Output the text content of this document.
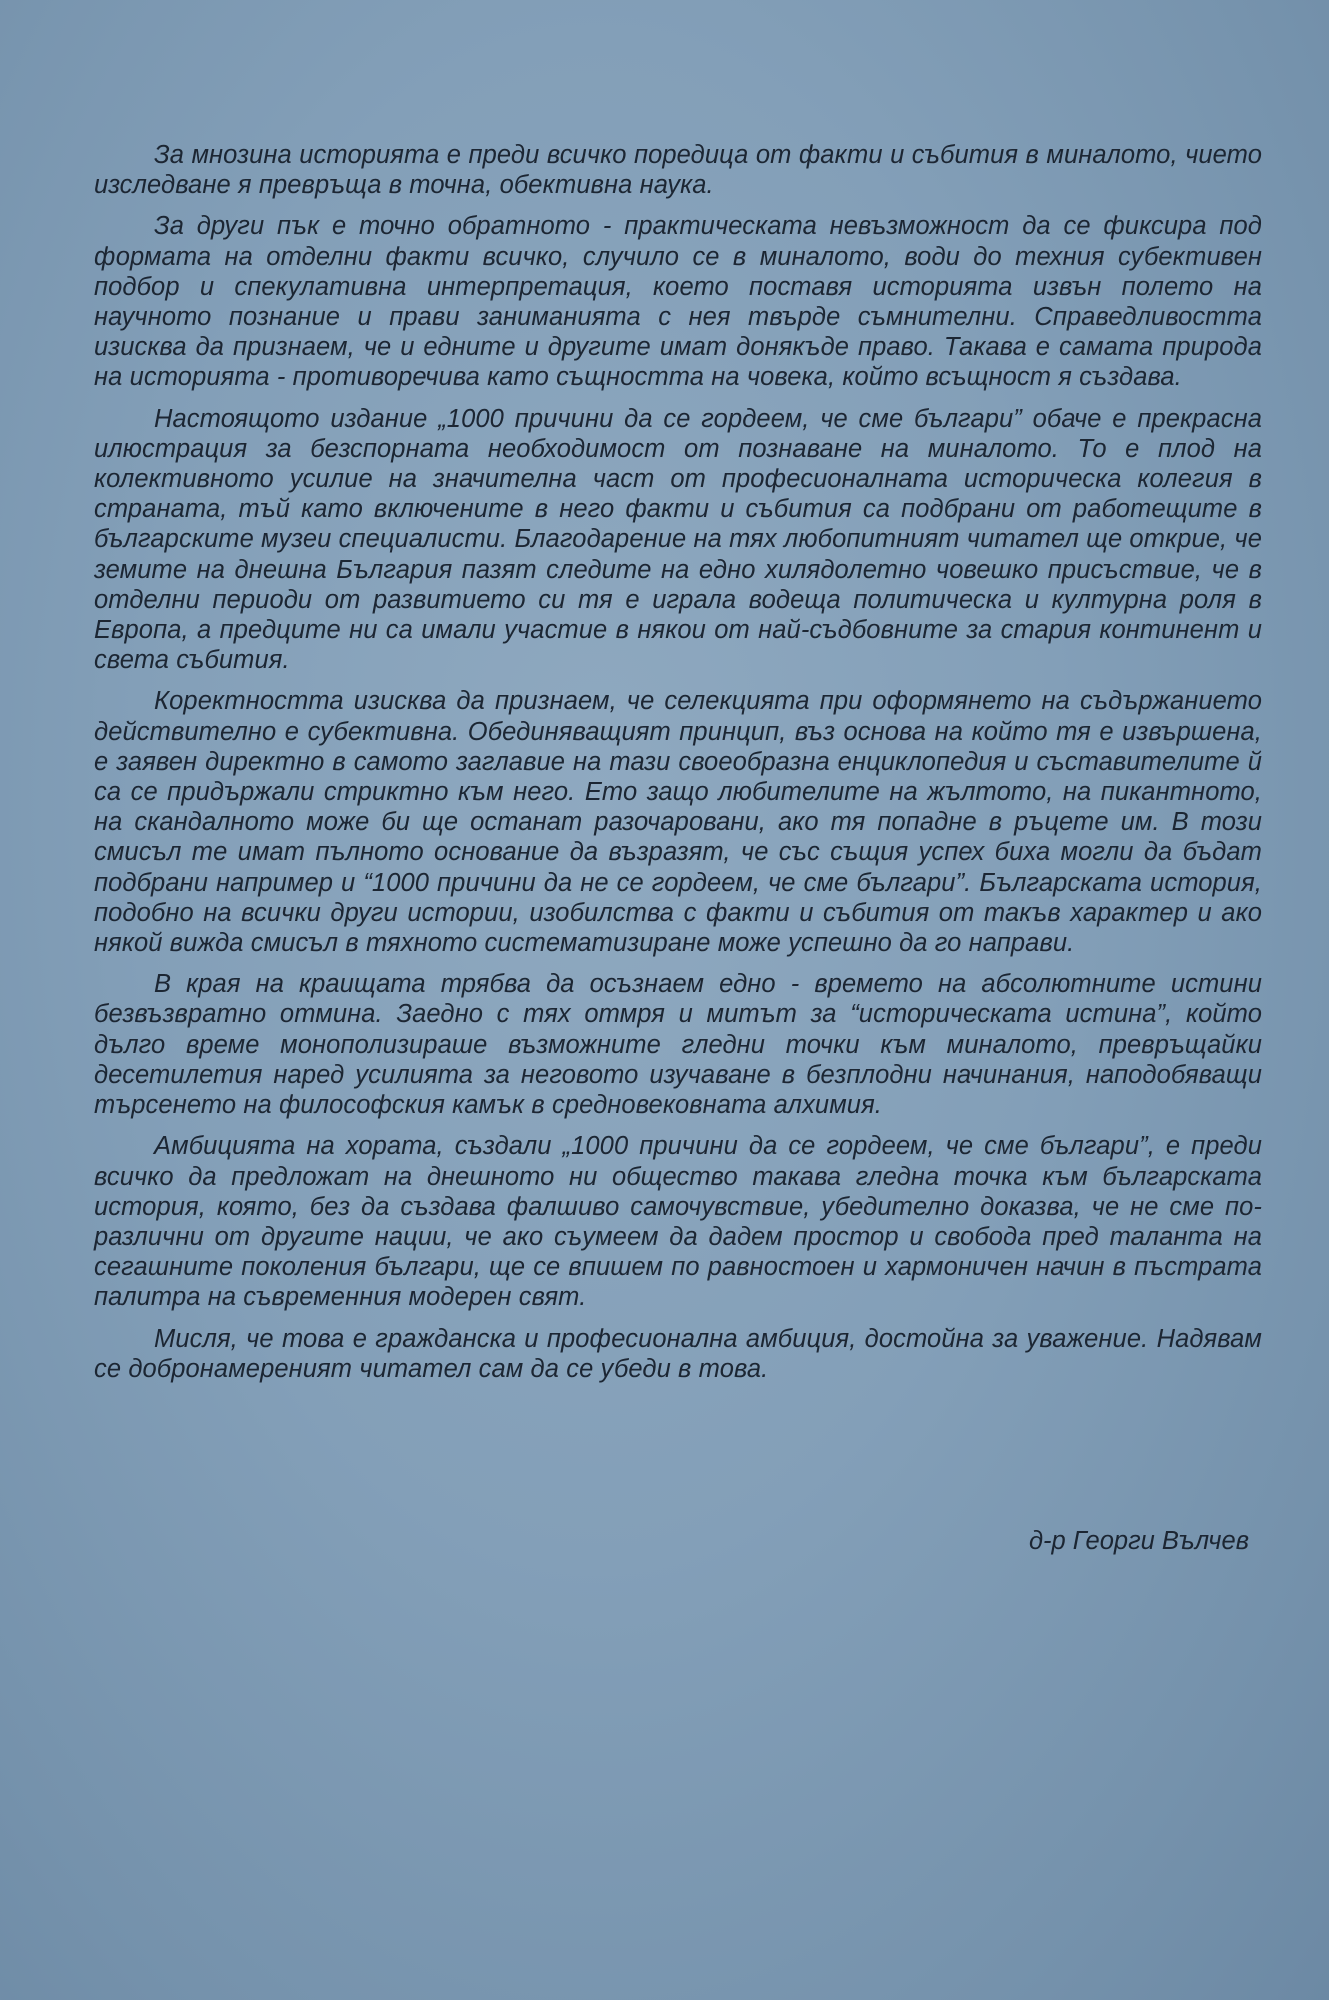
За мнозина историята е преди всичко поредица от факти и събития в миналото, чието изследване я превръща в точна, обективна наука.

За други пък е точно обратното - практическата невъзможност да се фиксира под формата на отделни факти всичко, случило се в миналото, води до техния субективен подбор и спекулативна интерпретация, което поставя историята извън полето на научното познание и прави заниманията с нея твърде съмнителни. Справедливостта изисква да признаем, че и едните и другите имат донякъде право. Такава е самата природа на историята - противоречива като същността на човека, който всъщност я създава.

Настоящото издание „1000 причини да се гордеем, че сме българи” обаче е прекрасна илюстрация за безспорната необходимост от познаване на миналото. То е плод на колективното усилие на значителна част от професионалната историческа колегия в страната, тъй като включените в него факти и събития са подбрани от работещите в българските музеи специалисти. Благодарение на тях любопитният читател ще открие, че земите на днешна България пазят следите на едно хилядолетно човешко присъствие, че в отделни периоди от развитието си тя е играла водеща политическа и културна роля в Европа, а предците ни са имали участие в някои от най-съдбовните за стария континент и света събития.

Коректността изисква да признаем, че селекцията при оформянето на съдържанието действително е субективна. Обединяващият принцип, въз основа на който тя е извършена, е заявен директно в самото заглавие на тази своеобразна енциклопедия и съставителите й са се придържали стриктно към него. Ето защо любителите на жълтото, на пикантното, на скандалното може би ще останат разочаровани, ако тя попадне в ръцете им. В този смисъл те имат пълното основание да възразят, че със същия успех биха могли да бъдат подбрани например и “1000 причини да не се гордеем, че сме българи”. Българската история, подобно на всички други истории, изобилства с факти и събития от такъв характер и ако някой вижда смисъл в тяхното систематизиране може успешно да го направи.

В края на краищата трябва да осъзнаем едно - времето на абсолютните истини безвъзвратно отмина. Заедно с тях отмря и митът за “историческата истина”, който дълго време монополизираше възможните гледни точки към миналото, превръщайки десетилетия наред усилията за неговото изучаване в безплодни начинания, наподобяващи търсенето на философския камък в средновековната алхимия.

Амбицията на хората, създали „1000 причини да се гордеем, че сме българи”, е преди всичко да предложат на днешното ни общество такава гледна точка към българската история, която, без да създава фалшиво самочувствие, убедително доказва, че не сме по-различни от другите нации, че ако съумеем да дадем простор и свобода пред таланта на сегашните поколения българи, ще се впишем по равностоен и хармоничен начин в пъстрата палитра на съвременния модерен свят.

Мисля, че това е гражданска и професионална амбиция, достойна за уважение. Надявам се добронамереният читател сам да се убеди в това.

д-р Георги Вълчев
